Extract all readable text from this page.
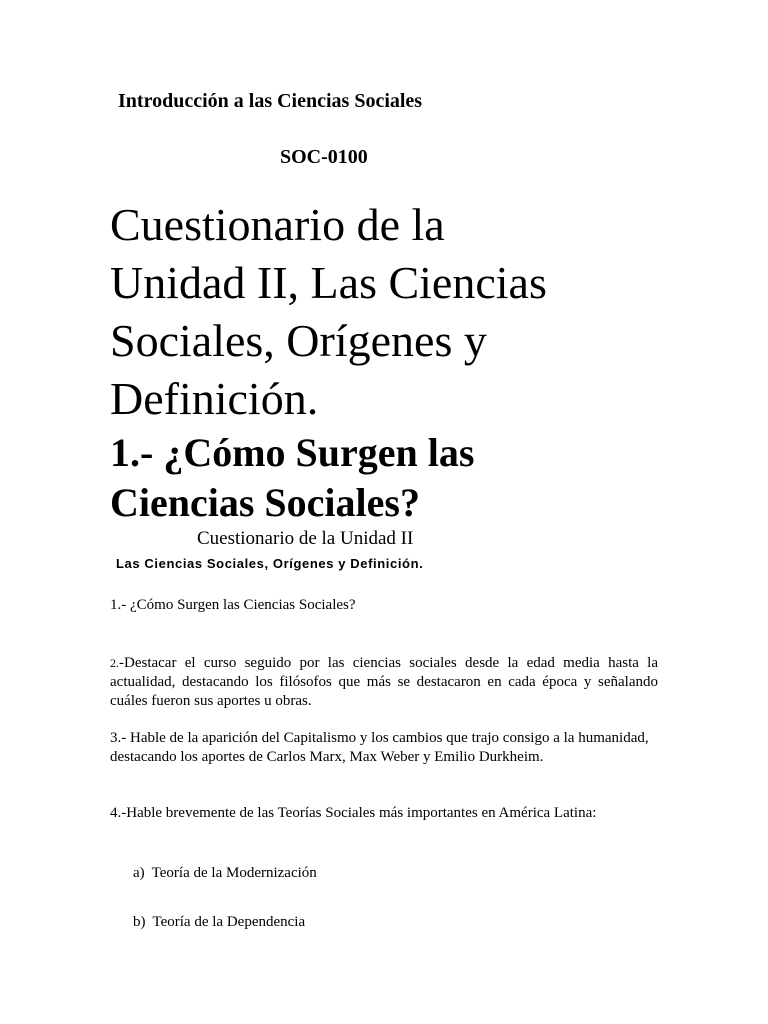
Introducción a las Ciencias Sociales
SOC-0100
Cuestionario de la
Unidad II, Las Ciencias
Sociales, Orígenes y
Definición.
1.- ¿Cómo Surgen las
Ciencias Sociales?
Cuestionario de la Unidad II
Las Ciencias Sociales, Orígenes y Definición.

1.- ¿Cómo Surgen las Ciencias Sociales?

2.-Destacar el curso seguido por las ciencias sociales desde la edad media hasta la actualidad, destacando los filósofos que más se destacaron en cada época y señalando cuáles fueron sus aportes u obras.

3.- Hable de la aparición del Capitalismo y los cambios que trajo consigo a la humanidad, destacando los aportes de Carlos Marx, Max Weber y Emilio Durkheim.

4.-Hable brevemente de las Teorías Sociales más importantes en América Latina:

a) Teoría de la Modernización
b) Teoría de la Dependencia
